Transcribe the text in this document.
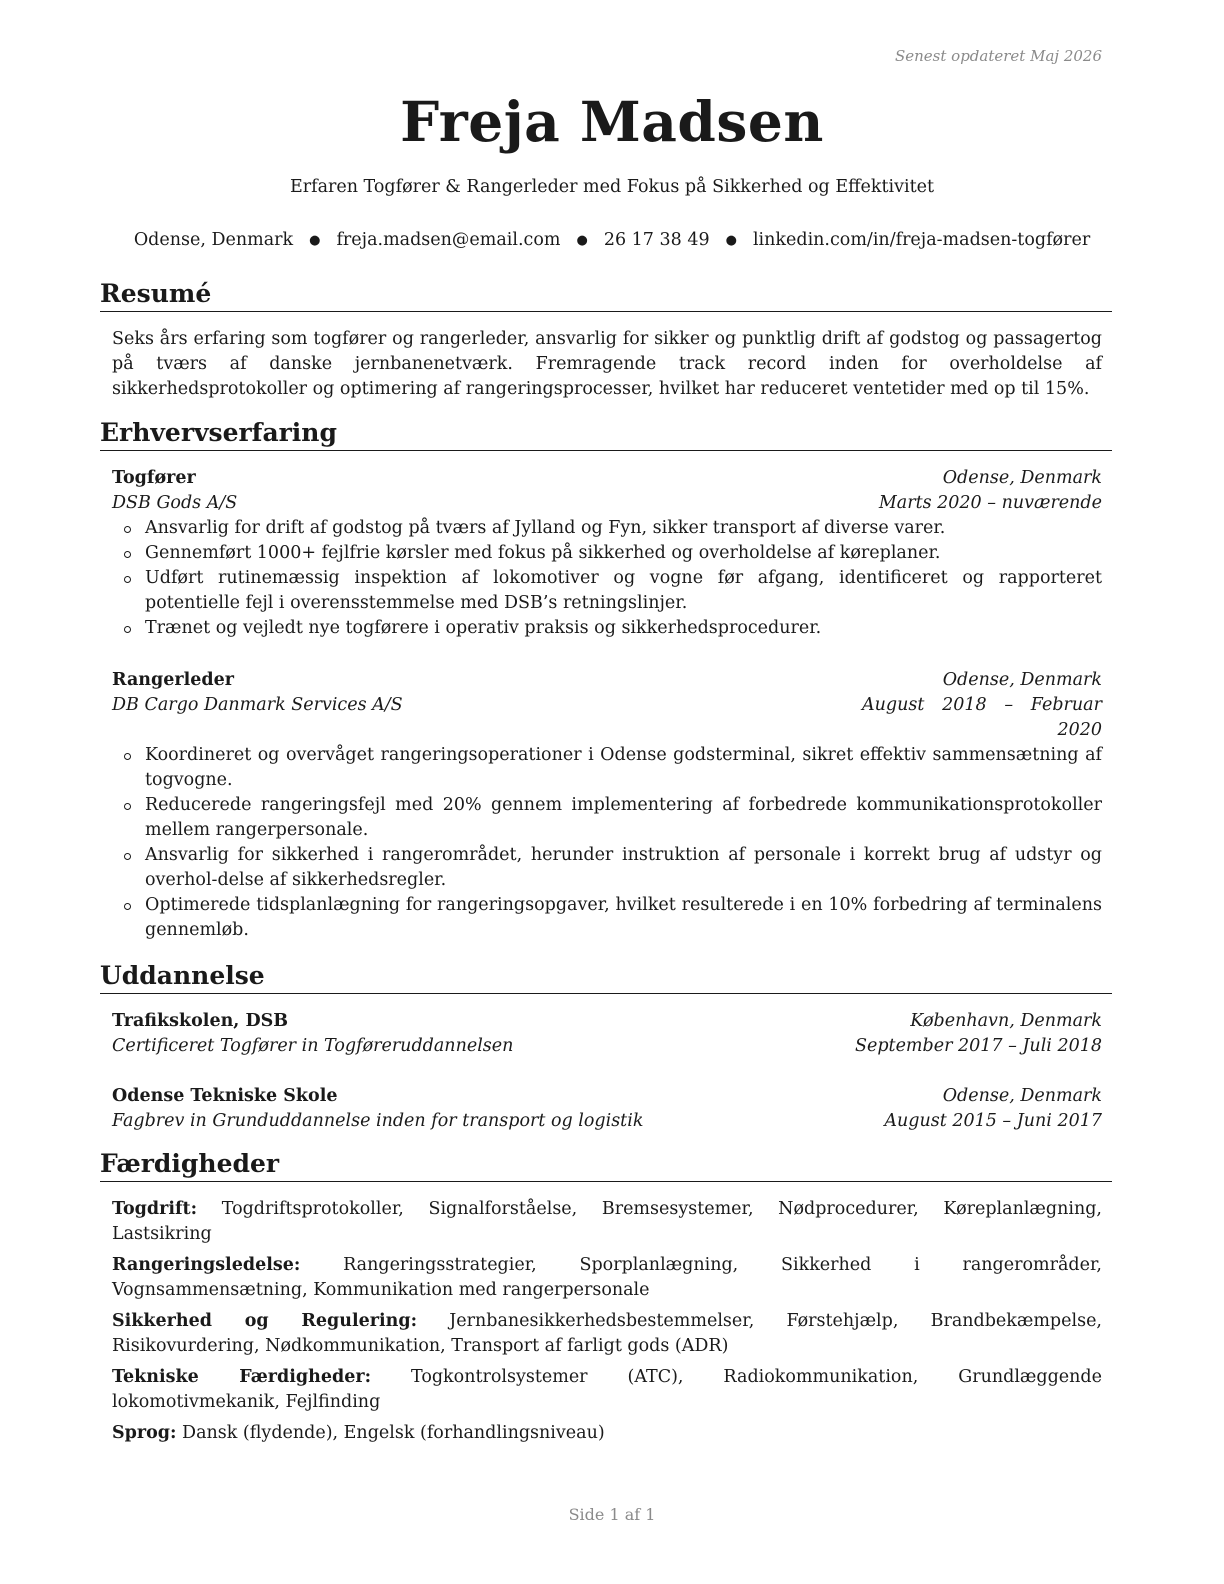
Senest opdateret Maj 2026
Freja Madsen
Erfaren Togfører & Rangerleder med Fokus på Sikkerhed og Effektivitet
Odense, Denmark ● freja.madsen@email.com ● 26 17 38 49 ● linkedin.com/in/freja-madsen-togfører
Resumé
Seks års erfaring som togfører og rangerleder, ansvarlig for sikker og punktlig drift af godstog og passagertog på tværs af danske jernbanenetværk. Fremragende track record inden for overholdelse af sikkerhedsprotokoller og optimering af rangeringsprocesser, hvilket har reduceret ventetider med op til 15%.
Erhvervserfaring
Togfører	Odense, Denmark
DSB Gods A/S	Marts 2020 – nuværende
Ansvarlig for drift af godstog på tværs af Jylland og Fyn, sikker transport af diverse varer.
Gennemført 1000+ fejlfrie kørsler med fokus på sikkerhed og overholdelse af køreplaner.
Udført rutinemæssig inspektion af lokomotiver og vogne før afgang, identificeret og rapporteret potentielle fejl i overensstemmelse med DSB’s retningslinjer.
Trænet og vejledt nye togførere i operativ praksis og sikkerhedsprocedurer.
Rangerleder	Odense, Denmark
DB Cargo Danmark Services A/S	August 2018 – Februar 2020
Koordineret og overvåget rangeringsoperationer i Odense godsterminal, sikret effektiv sammensætning af togvogne.
Reducerede rangeringsfejl med 20% gennem implementering af forbedrede kommunikationsprotokoller mellem rangerpersonale.
Ansvarlig for sikkerhed i rangerområdet, herunder instruktion af personale i korrekt brug af udstyr og overhol-delse af sikkerhedsregler.
Optimerede tidsplanlægning for rangeringsopgaver, hvilket resulterede i en 10% forbedring af terminalens gennemløb.
Uddannelse
Trafikskolen, DSB	København, Denmark
Certificeret Togfører in Togføreruddannelsen	September 2017 – Juli 2018
Odense Tekniske Skole	Odense, Denmark
Fagbrev in Grunduddannelse inden for transport og logistik	August 2015 – Juni 2017
Færdigheder
Togdrift: Togdriftsprotokoller, Signalforståelse, Bremsesystemer, Nødprocedurer, Køreplanlægning, Lastsikring
Rangeringsledelse: Rangeringsstrategier, Sporplanlægning, Sikkerhed i rangerområder, Vognsammensætning, Kommunikation med rangerpersonale
Sikkerhed og Regulering: Jernbanesikkerhedsbestemmelser, Førstehjælp, Brandbekæmpelse, Risikovurdering, Nødkommunikation, Transport af farligt gods (ADR)
Tekniske Færdigheder: Togkontrolsystemer (ATC), Radiokommunikation, Grundlæggende lokomotivmekanik, Fejlfinding
Sprog: Dansk (flydende), Engelsk (forhandlingsniveau)
Side 1 af 1
